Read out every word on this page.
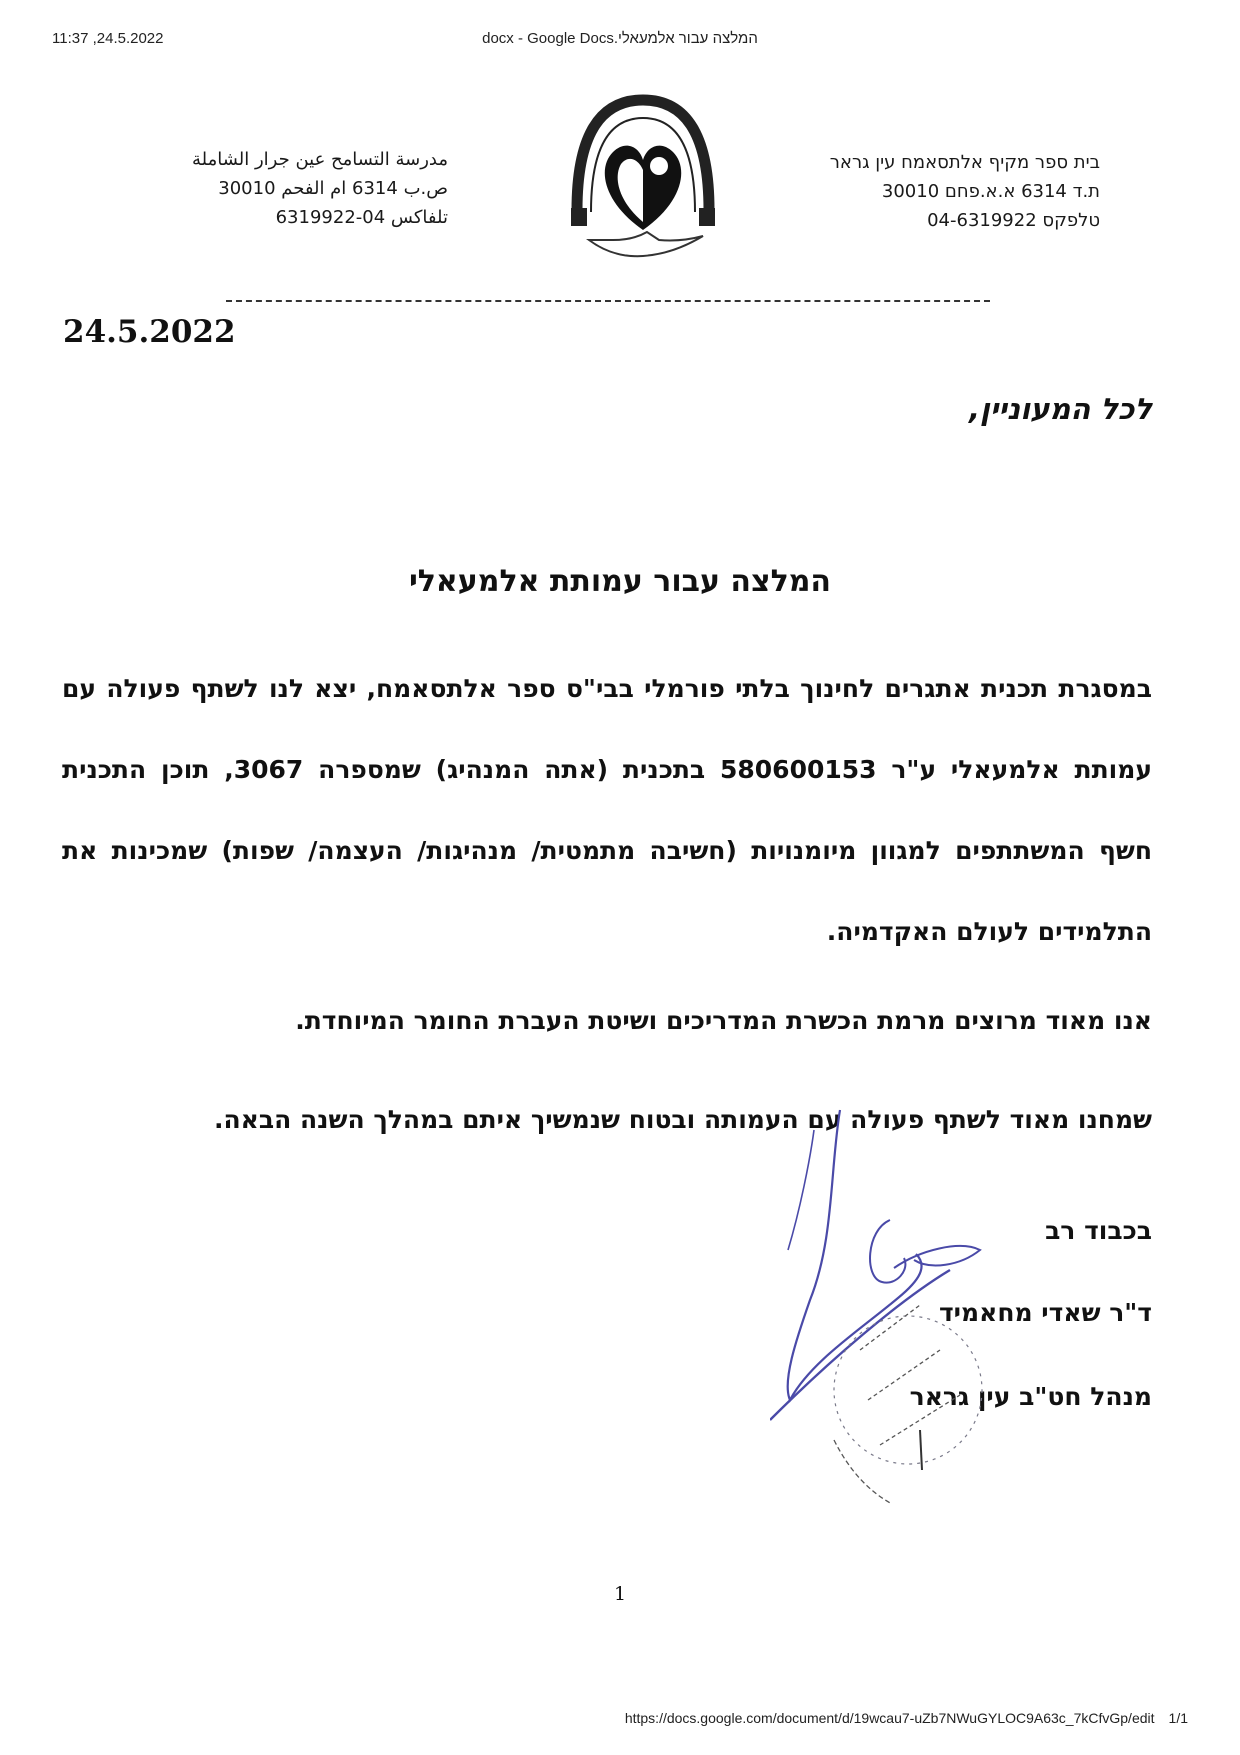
11:37 ,24.5.2022	המלצה עבור אלמעאלי.docx - Google Docs
בית ספר מקיף אלתסאמח עין גראר
ת.ד 6314 א.א.פחם 30010
טלפקס 04-6319922
مدرسة التسامح عين جرار الشاملة
ص.ب 6314 ام الفحم 30010
تلفاكس 04-6319922
24.5.2022
לכל המעוניין,
המלצה עבור עמותת אלמעאלי
במסגרת תכנית אתגרים לחינוך בלתי פורמלי בבי"ס ספר אלתסאמח, יצא לנו לשתף פעולה עם עמותת אלמעאלי ע"ר 580600153 בתכנית (אתה המנהיג) שמספרה 3067, תוכן התכנית חשף המשתתפים למגוון מיומנויות (חשיבה מתמטית/ מנהיגות/ העצמה/ שפות) שמכינות את התלמידים לעולם האקדמיה.
אנו מאוד מרוצים מרמת הכשרת המדריכים ושיטת העברת החומר המיוחדת.
שמחנו מאוד לשתף פעולה עם העמותה ובטוח שנמשיך איתם במהלך השנה הבאה.
בכבוד רב
ד"ר שאדי מחאמיד
מנהל חט"ב עין גראר
1
https://docs.google.com/document/d/19wcau7-uZb7NWuGYLOC9A63c_7kCfvGp/edit 1/1
